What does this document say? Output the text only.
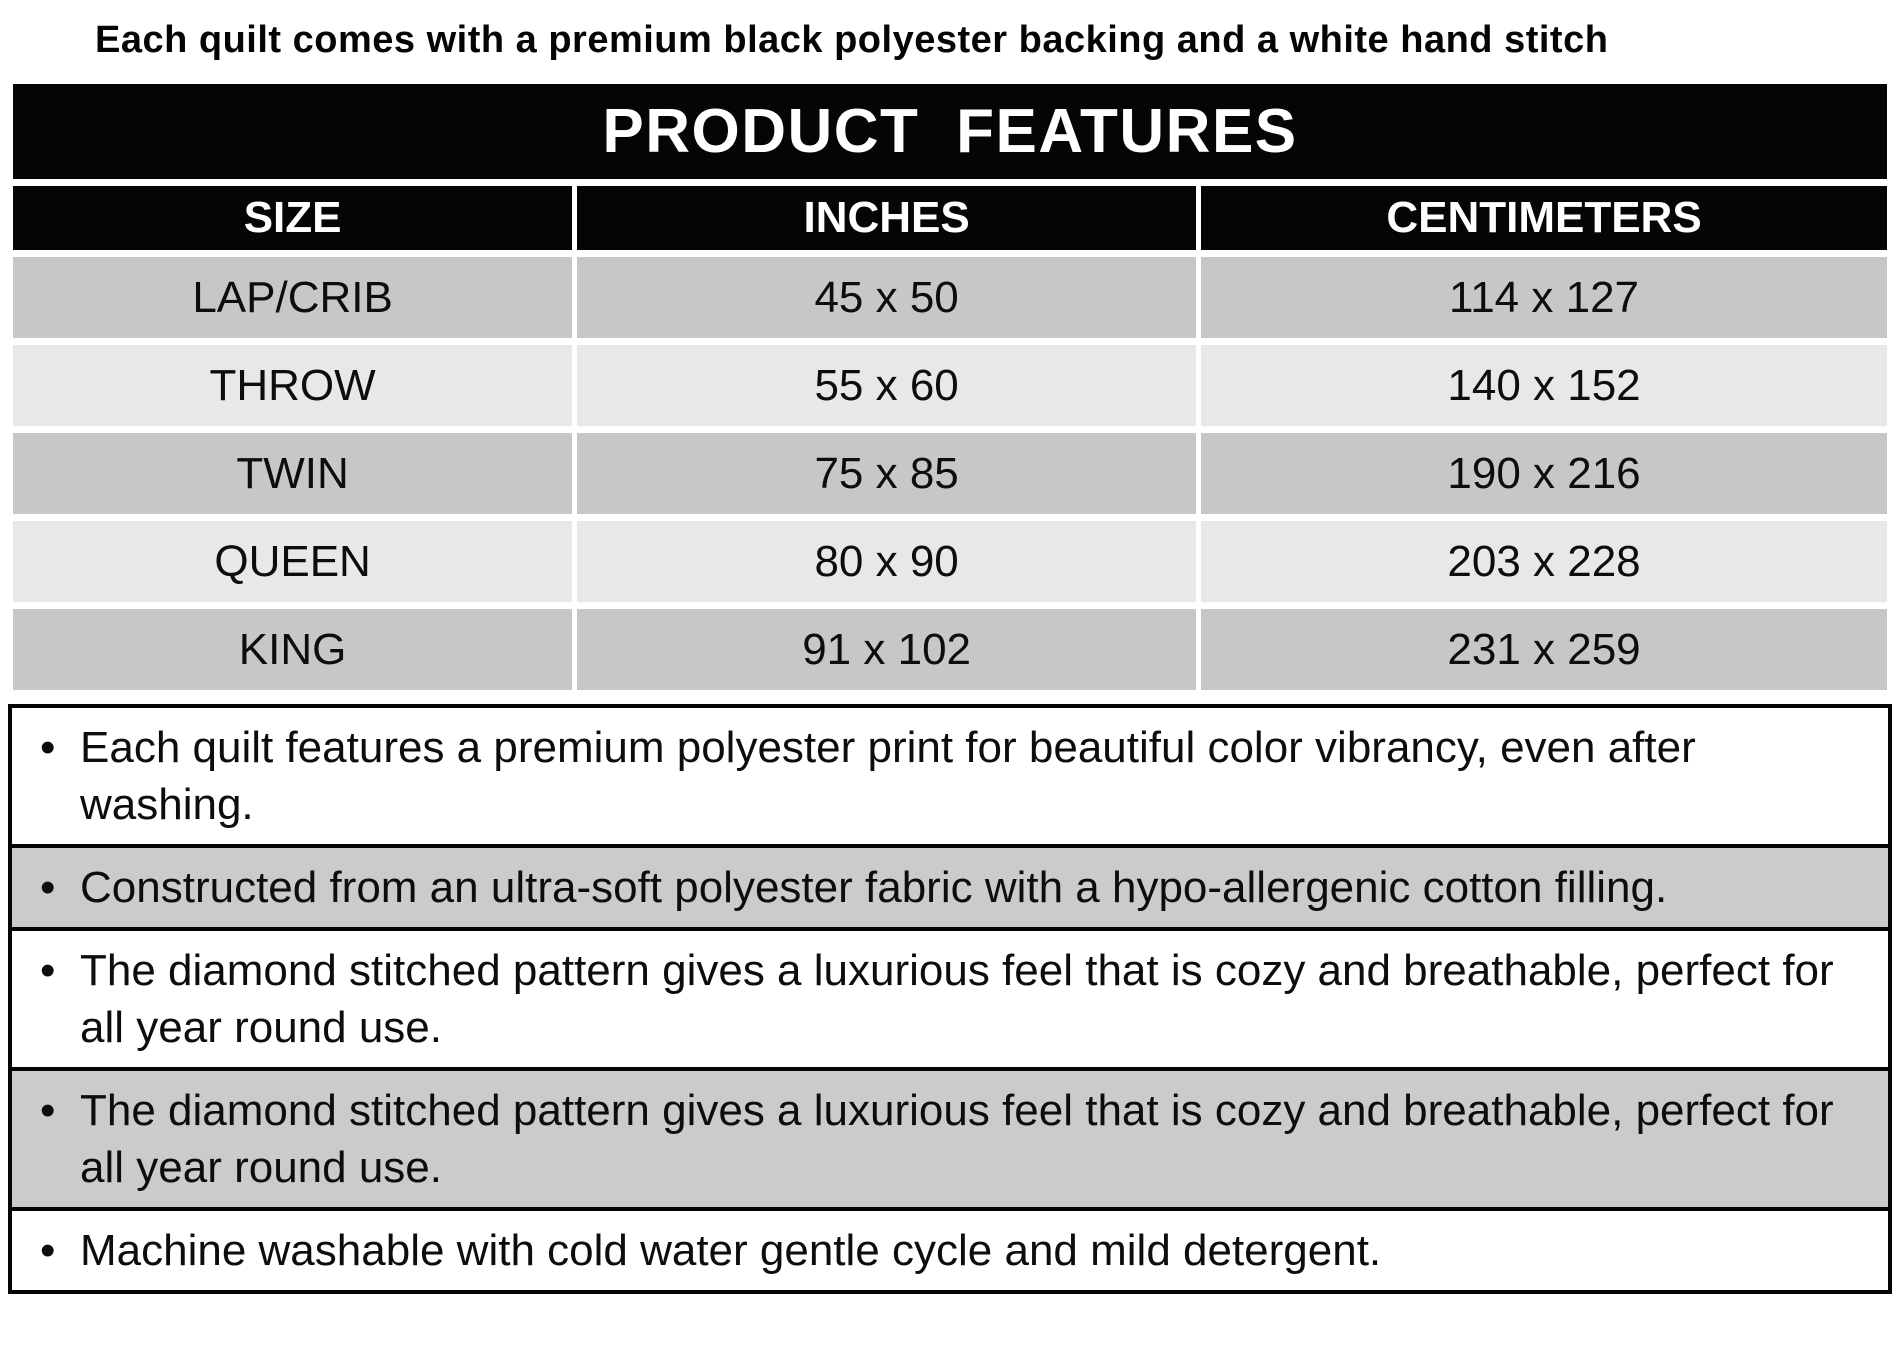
Each quilt comes with a premium black polyester backing and a white hand stitch
PRODUCT FEATURES		
SIZE	INCHES	CENTIMETERS
LAP/CRIB	45 x 50	114 x 127
THROW	55 x 60	140 x 152
TWIN	75 x 85	190 x 216
QUEEN	80 x 90	203 x 228
KING	91 x 102	231 x 259
• Each quilt features a premium polyester print for beautiful color vibrancy, even after washing.
• Constructed from an ultra-soft polyester fabric with a hypo-allergenic cotton filling.
• The diamond stitched pattern gives a luxurious feel that is cozy and breathable, perfect for all year round use.
• The diamond stitched pattern gives a luxurious feel that is cozy and breathable, perfect for all year round use.
• Machine washable with cold water gentle cycle and mild detergent.
